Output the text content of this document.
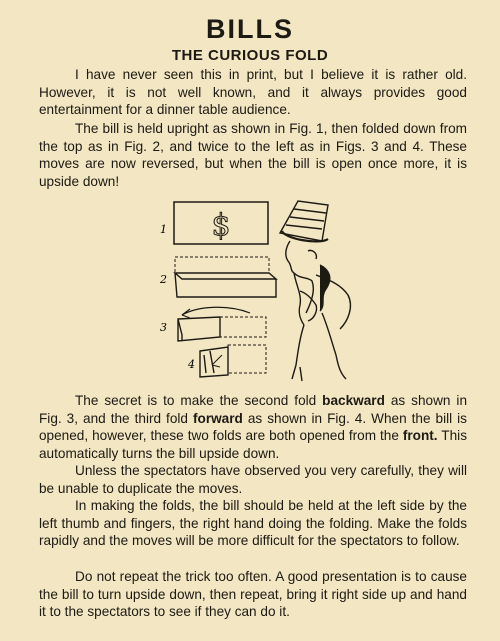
BILLS
THE CURIOUS FOLD

I have never seen this in print, but I believe it is rather old. However, it is not well known, and it always provides good entertainment for a dinner table audience.

The bill is held upright as shown in Fig. 1, then folded down from the top as in Fig. 2, and twice to the left as in Figs. 3 and 4. These moves are now reversed, but when the bill is open once more, it is upside down!

1 $
2
3
4

The secret is to make the second fold backward as shown in Fig. 3, and the third fold forward as shown in Fig. 4. When the bill is opened, however, these two folds are both opened from the front. This automatically turns the bill upside down.

Unless the spectators have observed you very carefully, they will be unable to duplicate the moves.

In making the folds, the bill should be held at the left side by the left thumb and fingers, the right hand doing the folding. Make the folds rapidly and the moves will be more difficult for the spectators to follow.

Do not repeat the trick too often. A good presentation is to cause the bill to turn upside down, then repeat, bring it right side up and hand it to the spectators to see if they can do it.
